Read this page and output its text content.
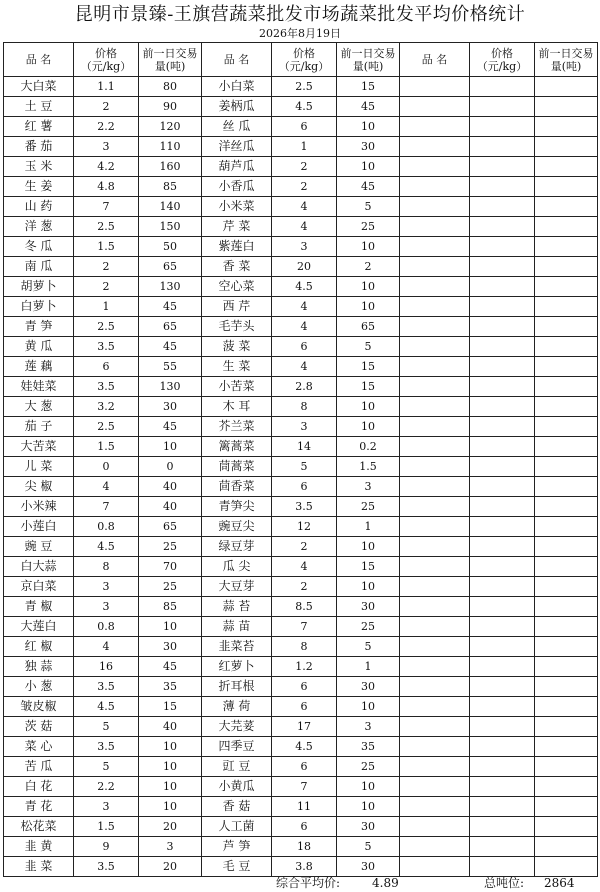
昆明市景臻-王旗营蔬菜批发市场蔬菜批发平均价格统计
2026年8月19日
品 名	价格（元/kg）	前一日交易量(吨)	品 名	价格（元/kg）	前一日交易量(吨)	品 名	价格（元/kg）	前一日交易量(吨)
大白菜	1.1	80	小白菜	2.5	15			
土 豆	2	90	姜柄瓜	4.5	45			
红 薯	2.2	120	丝 瓜	6	10			
番 茄	3	110	洋丝瓜	1	30			
玉 米	4.2	160	葫芦瓜	2	10			
生 姜	4.8	85	小香瓜	2	45			
山 药	7	140	小米菜	4	5			
洋 葱	2.5	150	芹 菜	4	25			
冬 瓜	1.5	50	紫莲白	3	10			
南 瓜	2	65	香 菜	20	2			
胡萝卜	2	130	空心菜	4.5	10			
白萝卜	1	45	西 芹	4	10			
青 笋	2.5	65	毛芋头	4	65			
黄 瓜	3.5	45	菠 菜	6	5			
莲 藕	6	55	生 菜	4	15			
娃娃菜	3.5	130	小苦菜	2.8	15			
大 葱	3.2	30	木 耳	8	10			
茄 子	2.5	45	芥兰菜	3	10			
大苦菜	1.5	10	篱蒿菜	14	0.2			
儿 菜	0	0	茼蒿菜	5	1.5			
尖 椒	4	40	茴香菜	6	3			
小米辣	7	40	青笋尖	3.5	25			
小莲白	0.8	65	豌豆尖	12	1			
豌 豆	4.5	25	绿豆芽	2	10			
白大蒜	8	70	瓜 尖	4	15			
京白菜	3	25	大豆芽	2	10			
青 椒	3	85	蒜 苔	8.5	30			
大莲白	0.8	10	蒜 苗	7	25			
红 椒	4	30	韭菜苔	8	5			
独 蒜	16	45	红萝卜	1.2	1			
小 葱	3.5	35	折耳根	6	30			
皱皮椒	4.5	15	薄 荷	6	10			
茨 菇	5	40	大芫荽	17	3			
菜 心	3.5	10	四季豆	4.5	35			
苦 瓜	5	10	豇 豆	6	25			
白 花	2.2	10	小黄瓜	7	10			
青 花	3	10	香 菇	11	10			
松花菜	1.5	20	人工菌	6	30			
韭 黄	9	3	芦 笋	18	5			
韭 菜	3.5	20	毛 豆	3.8	30			
综合平均价:	4.89	总吨位: 2864
